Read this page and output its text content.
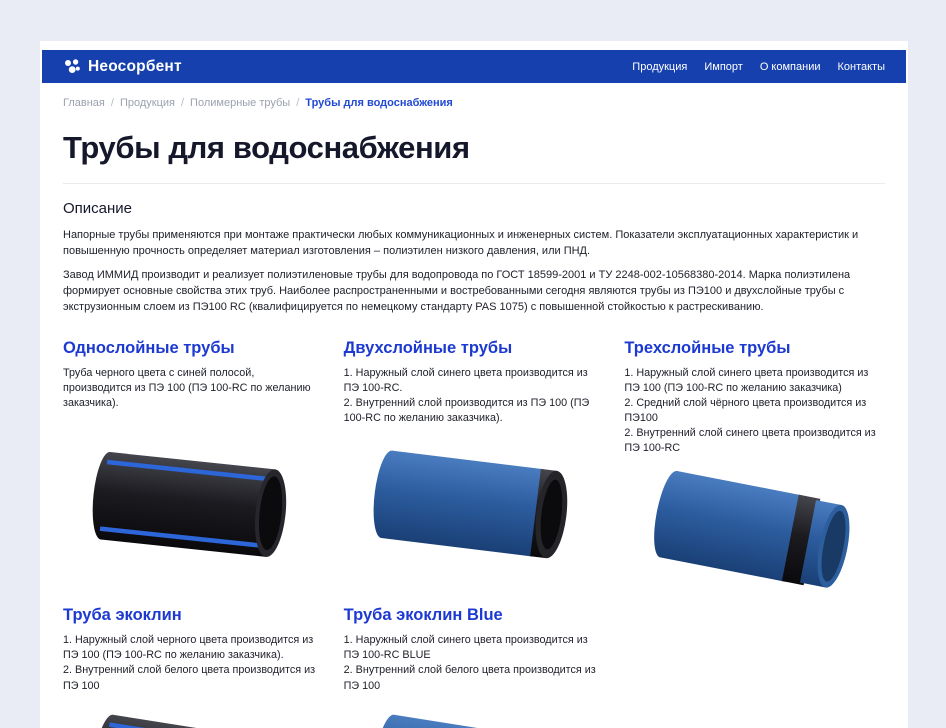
Неосорбент	Продукция Импорт О компании Контакты
Главная / Продукция / Полимерные трубы / Трубы для водоснабжения
Трубы для водоснабжения
Описание

Напорные трубы применяются при монтаже практически любых коммуникационных и инженерных систем. Показатели эксплуатационных характеристик и повышенную прочность определяет материал изготовления – полиэтилен низкого давления, или ПНД.

Завод ИММИД производит и реализует полиэтиленовые трубы для водопровода по ГОСТ 18599-2001 и ТУ 2248-002-10568380-2014. Марка полиэтилена формирует основные свойства этих труб. Наиболее распространенными и востребованными сегодня являются трубы из ПЭ100 и двухслойные трубы с экструзионным слоем из ПЭ100 RC (квалифицируется по немецкому стандарту PAS 1075) с повышенной стойкостью к растрескиванию.

Однослойные трубы
Труба черного цвета с синей полосой, производится из ПЭ 100 (ПЭ 100-RC по желанию заказчика).
Двухслойные трубы
1. Наружный слой синего цвета производится из ПЭ 100-RC.
2. Внутренний слой производится из ПЭ 100 (ПЭ 100-RC по желанию заказчика).
Трехслойные трубы
1. Наружный слой синего цвета производится из ПЭ 100 (ПЭ 100-RC по желанию заказчика)
2. Средний слой чёрного цвета производится из ПЭ100
2. Внутренний слой синего цвета производится из ПЭ 100-RC
Труба экоклин
1. Наружный слой черного цвета производится из ПЭ 100 (ПЭ 100-RC по желанию заказчика).
2. Внутренний слой белого цвета производится из ПЭ 100
Труба экоклин Blue
1. Наружный слой синего цвета производится из ПЭ 100-RC BLUE
2. Внутренний слой белого цвета производится из ПЭ 100
